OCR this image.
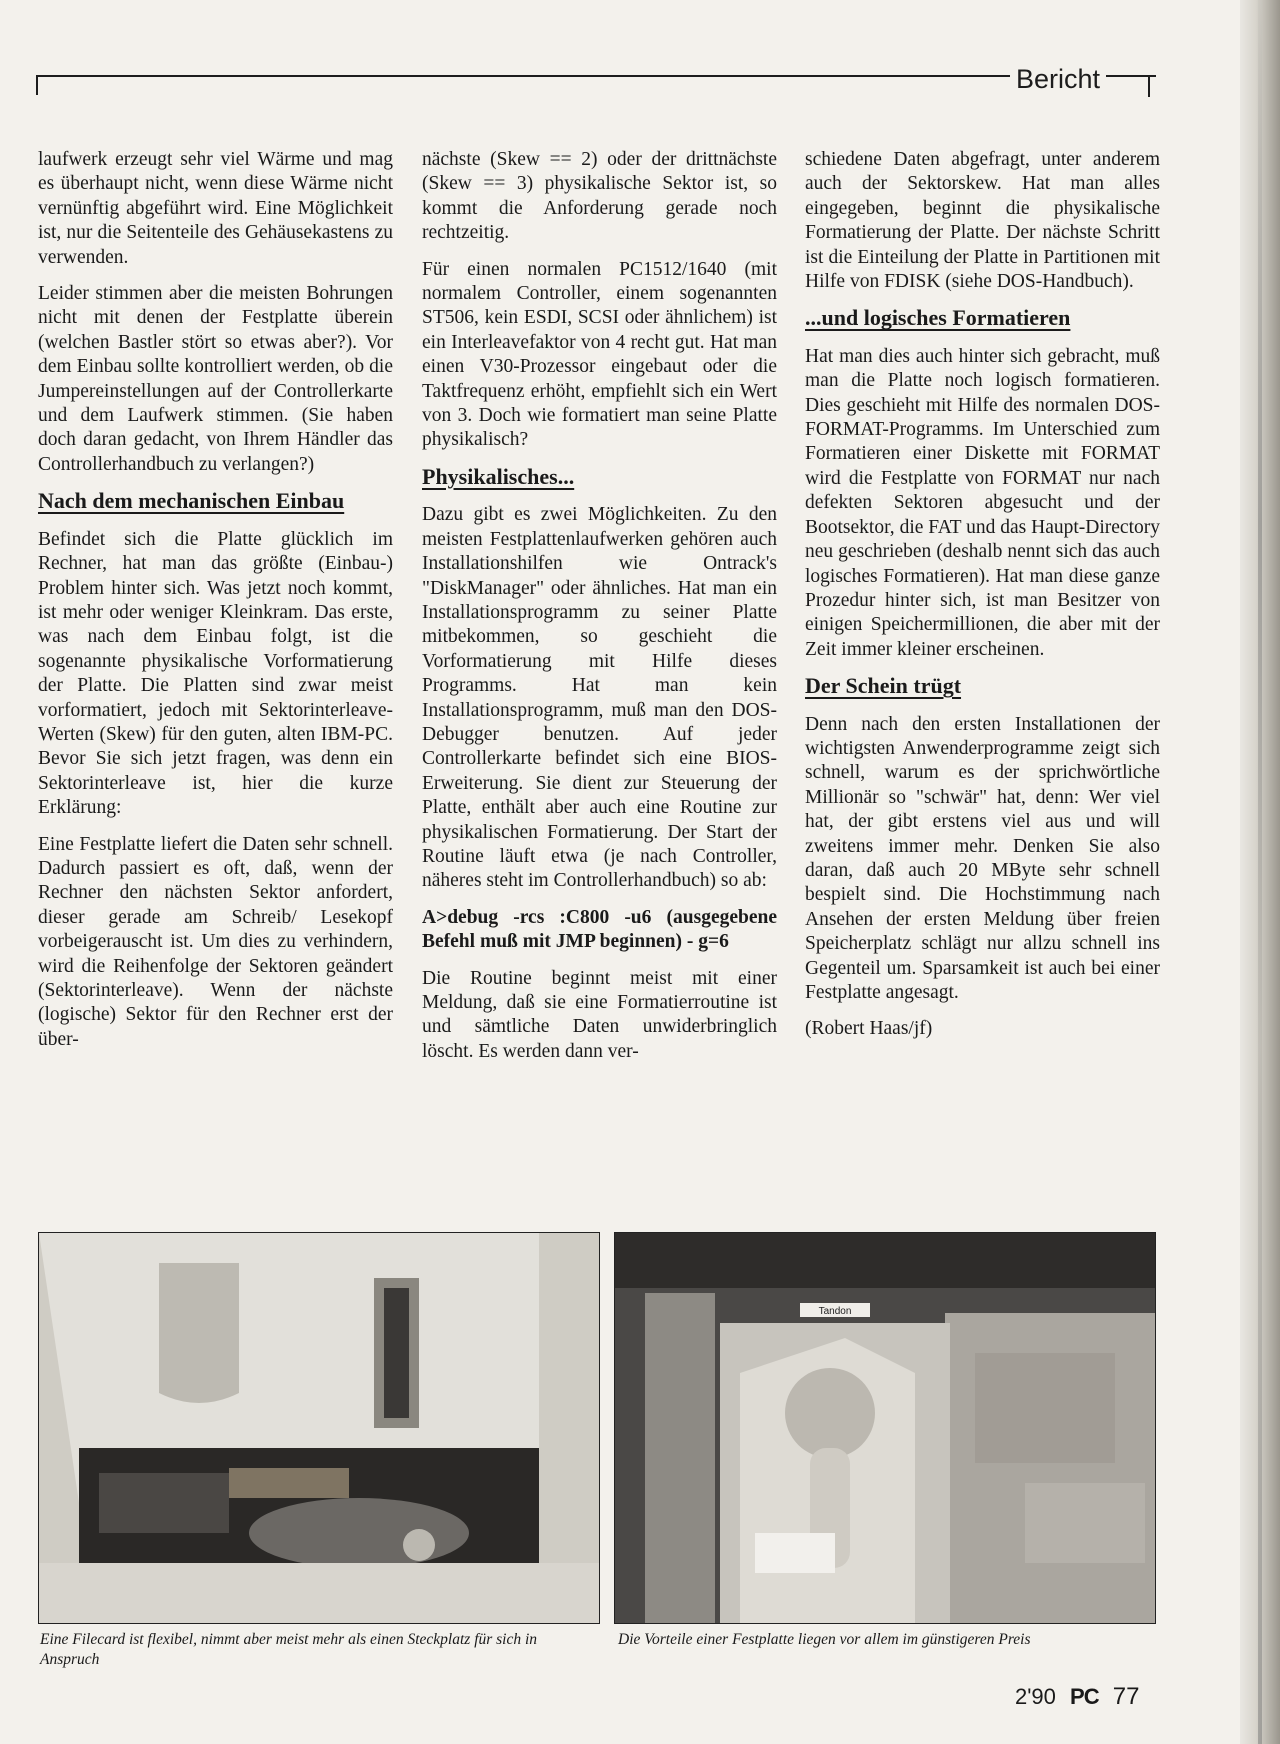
Bericht

laufwerk erzeugt sehr viel Wärme und mag es überhaupt nicht, wenn diese Wärme nicht vernünftig abgeführt wird. Eine Möglichkeit ist, nur die Seitenteile des Gehäusekastens zu verwenden.

Leider stimmen aber die meisten Bohrungen nicht mit denen der Festplatte überein (welchen Bastler stört so etwas aber?). Vor dem Einbau sollte kontrolliert werden, ob die Jumpereinstellungen auf der Controllerkarte und dem Laufwerk stimmen. (Sie haben doch daran gedacht, von Ihrem Händler das Controllerhandbuch zu verlangen?)

Nach dem mechanischen Einbau

Befindet sich die Platte glücklich im Rechner, hat man das größte (Einbau-) Problem hinter sich. Was jetzt noch kommt, ist mehr oder weniger Kleinkram. Das erste, was nach dem Einbau folgt, ist die sogenannte physikalische Vorformatierung der Platte. Die Platten sind zwar meist vorformatiert, jedoch mit Sektorinterleave-Werten (Skew) für den guten, alten IBM-PC. Bevor Sie sich jetzt fragen, was denn ein Sektorinterleave ist, hier die kurze Erklärung:

Eine Festplatte liefert die Daten sehr schnell. Dadurch passiert es oft, daß, wenn der Rechner den nächsten Sektor anfordert, dieser gerade am Schreib/ Lesekopf vorbeigerauscht ist. Um dies zu verhindern, wird die Reihenfolge der Sektoren geändert (Sektorinterleave). Wenn der nächste (logische) Sektor für den Rechner erst der über-

nächste (Skew == 2) oder der drittnächste (Skew == 3) physikalische Sektor ist, so kommt die Anforderung gerade noch rechtzeitig.

Für einen normalen PC1512/1640 (mit normalem Controller, einem sogenannten ST506, kein ESDI, SCSI oder ähnlichem) ist ein Interleavefaktor von 4 recht gut. Hat man einen V30-Prozessor eingebaut oder die Taktfrequenz erhöht, empfiehlt sich ein Wert von 3. Doch wie formatiert man seine Platte physikalisch?

Physikalisches...

Dazu gibt es zwei Möglichkeiten. Zu den meisten Festplattenlaufwerken gehören auch Installationshilfen wie Ontrack's "DiskManager" oder ähnliches. Hat man ein Installationsprogramm zu seiner Platte mitbekommen, so geschieht die Vorformatierung mit Hilfe dieses Programms. Hat man kein Installationsprogramm, muß man den DOS-Debugger benutzen. Auf jeder Controllerkarte befindet sich eine BIOS-Erweiterung. Sie dient zur Steuerung der Platte, enthält aber auch eine Routine zur physikalischen Formatierung. Der Start der Routine läuft etwa (je nach Controller, näheres steht im Controllerhandbuch) so ab:

A>debug -rcs :C800 -u6 (ausgegebene Befehl muß mit JMP beginnen) - g=6

Die Routine beginnt meist mit einer Meldung, daß sie eine Formatierroutine ist und sämtliche Daten unwiderbringlich löscht. Es werden dann ver-

schiedene Daten abgefragt, unter anderem auch der Sektorskew. Hat man alles eingegeben, beginnt die physikalische Formatierung der Platte. Der nächste Schritt ist die Einteilung der Platte in Partitionen mit Hilfe von FDISK (siehe DOS-Handbuch).

...und logisches Formatieren

Hat man dies auch hinter sich gebracht, muß man die Platte noch logisch formatieren. Dies geschieht mit Hilfe des normalen DOS-FORMAT-Programms. Im Unterschied zum Formatieren einer Diskette mit FORMAT wird die Festplatte von FORMAT nur nach defekten Sektoren abgesucht und der Bootsektor, die FAT und das Haupt-Directory neu geschrieben (deshalb nennt sich das auch logisches Formatieren). Hat man diese ganze Prozedur hinter sich, ist man Besitzer von einigen Speichermillionen, die aber mit der Zeit immer kleiner erscheinen.

Der Schein trügt

Denn nach den ersten Installationen der wichtigsten Anwenderprogramme zeigt sich schnell, warum es der sprichwörtliche Millionär so "schwär" hat, denn: Wer viel hat, der gibt erstens viel aus und will zweitens immer mehr. Denken Sie also daran, daß auch 20 MByte sehr schnell bespielt sind. Die Hochstimmung nach Ansehen der ersten Meldung über freien Speicherplatz schlägt nur allzu schnell ins Gegenteil um. Sparsamkeit ist auch bei einer Festplatte angesagt.

(Robert Haas/jf)

Tandon
Eine Filecard ist flexibel, nimmt aber meist mehr als einen Steckplatz für sich in Anspruch
Die Vorteile einer Festplatte liegen vor allem im günstigeren Preis
2'90 PC 77
